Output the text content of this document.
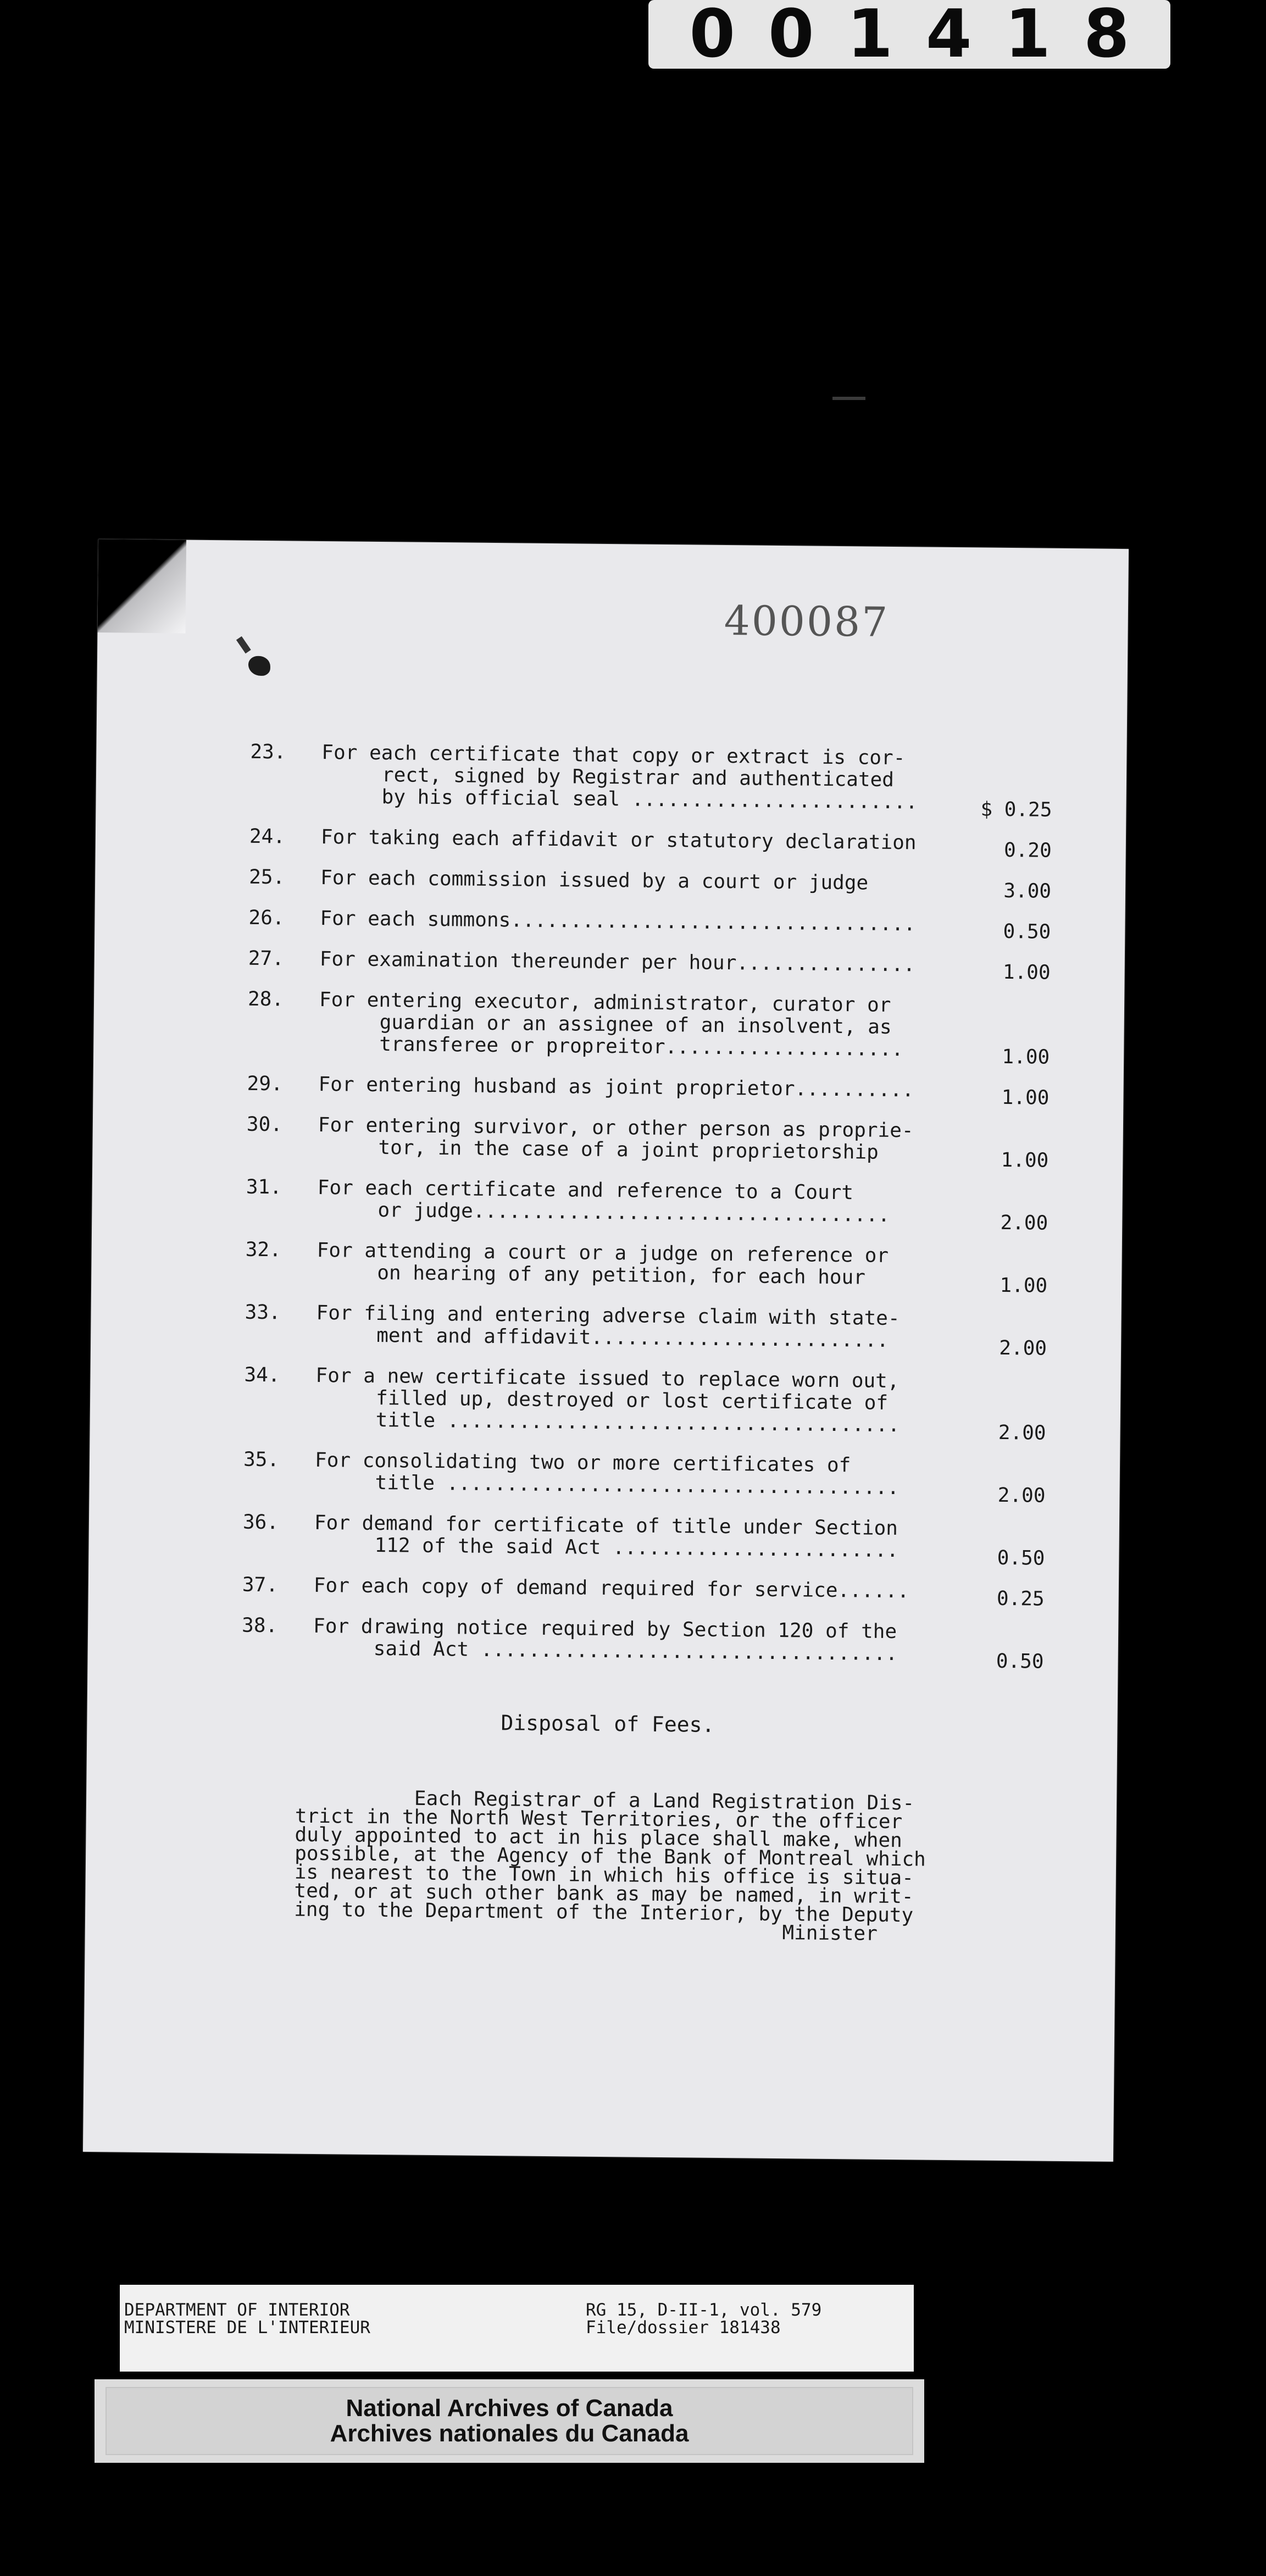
001418
400087
23. For each certificate that copy or extract is cor-
rect, signed by Registrar and authenticated
by his official seal ........................	$ 0.25
24. For taking each affidavit or statutory declaration	0.20
25. For each commission issued by a court or judge	3.00
26. For each summons..................................	0.50
27. For examination thereunder per hour...............	1.00
28. For entering executor, administrator, curator or
guardian or an assignee of an insolvent, as
transferee or propreitor....................	1.00
29. For entering husband as joint proprietor..........	1.00
30. For entering survivor, or other person as proprie-
tor, in the case of a joint proprietorship	1.00
31. For each certificate and reference to a Court
or judge...................................	2.00
32. For attending a court or a judge on reference or
on hearing of any petition, for each hour	1.00
33. For filing and entering adverse claim with state-
ment and affidavit.........................	2.00
34. For a new certificate issued to replace worn out,
filled up, destroyed or lost certificate of
title ......................................	2.00
35. For consolidating two or more certificates of
title ......................................	2.00
36. For demand for certificate of title under Section
112 of the said Act ........................	0.50
37. For each copy of demand required for service......	0.25
38. For drawing notice required by Section 120 of the
said Act ...................................	0.50
Disposal of Fees.
Each Registrar of a Land Registration Dis-
trict in the North West Territories, or the officer
duly appointed to act in his place shall make, when
possible, at the Agency of the Bank of Montreal which
is nearest to the Town in which his office is situa-
ted, or at such other bank as may be named, in writ-
ing to the Department of the Interior, by the Deputy
Minister
DEPARTMENT OF INTERIOR
MINISTERE DE L'INTERIEUR
RG 15, D-II-1, vol. 579
File/dossier 181438
National Archives of Canada
Archives nationales du Canada
